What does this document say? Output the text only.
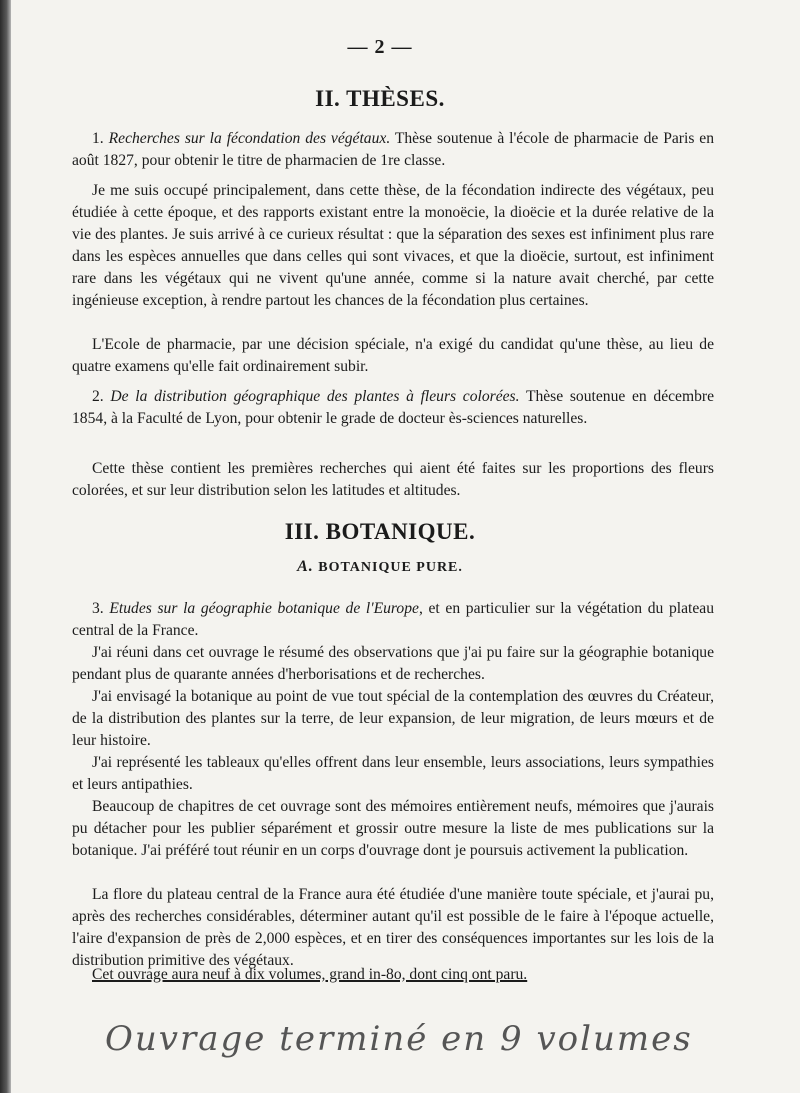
— 2 —
II. THÈSES.
1. Recherches sur la fécondation des végétaux. Thèse soutenue à l'école de pharmacie de Paris en août 1827, pour obtenir le titre de pharmacien de 1re classe.
Je me suis occupé principalement, dans cette thèse, de la fécondation indirecte des végétaux, peu étudiée à cette époque, et des rapports existant entre la monoëcie, la dioëcie et la durée relative de la vie des plantes. Je suis arrivé à ce curieux résultat : que la séparation des sexes est infiniment plus rare dans les espèces annuelles que dans celles qui sont vivaces, et que la dioëcie, surtout, est infiniment rare dans les végétaux qui ne vivent qu'une année, comme si la nature avait cherché, par cette ingénieuse exception, à rendre partout les chances de la fécondation plus certaines.
L'Ecole de pharmacie, par une décision spéciale, n'a exigé du candidat qu'une thèse, au lieu de quatre examens qu'elle fait ordinairement subir.
2. De la distribution géographique des plantes à fleurs colorées. Thèse soutenue en décembre 1854, à la Faculté de Lyon, pour obtenir le grade de docteur ès-sciences naturelles.
Cette thèse contient les premières recherches qui aient été faites sur les proportions des fleurs colorées, et sur leur distribution selon les latitudes et altitudes.
III. BOTANIQUE.
A. BOTANIQUE PURE.
3. Etudes sur la géographie botanique de l'Europe, et en particulier sur la végétation du plateau central de la France.
J'ai réuni dans cet ouvrage le résumé des observations que j'ai pu faire sur la géographie botanique pendant plus de quarante années d'herborisations et de recherches.
J'ai envisagé la botanique au point de vue tout spécial de la contemplation des œuvres du Créateur, de la distribution des plantes sur la terre, de leur expansion, de leur migration, de leurs mœurs et de leur histoire.
J'ai représenté les tableaux qu'elles offrent dans leur ensemble, leurs associations, leurs sympathies et leurs antipathies.
Beaucoup de chapitres de cet ouvrage sont des mémoires entièrement neufs, mémoires que j'aurais pu détacher pour les publier séparément et grossir outre mesure la liste de mes publications sur la botanique. J'ai préféré tout réunir en un corps d'ouvrage dont je poursuis activement la publication.
La flore du plateau central de la France aura été étudiée d'une manière toute spéciale, et j'aurai pu, après des recherches considérables, déterminer autant qu'il est possible de le faire à l'époque actuelle, l'aire d'expansion de près de 2,000 espèces, et en tirer des conséquences importantes sur les lois de la distribution primitive des végétaux.
Cet ouvrage aura neuf à dix volumes, grand in-8o, dont cinq ont paru.
Ouvrage terminé en 9 volumes
